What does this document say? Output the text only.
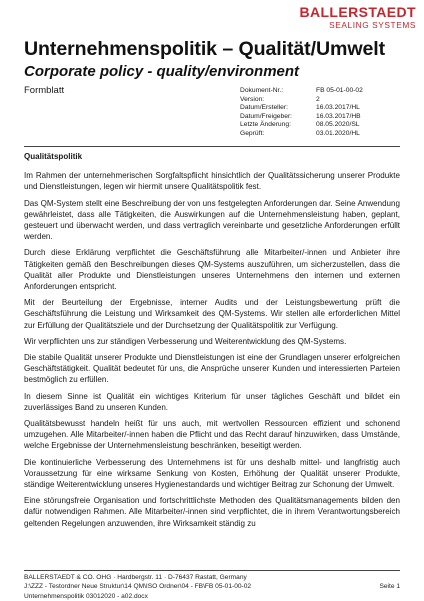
BALLERSTAEDT
SEALING SYSTEMS
Unternehmenspolitik – Qualität/Umwelt
Corporate policy - quality/environment
Formblatt	Dokument-Nr.:	FB 05-01-00-02
Version:	2
Datum/Ersteller:	16.03.2017/HL
Datum/Freigeber:	16.03.2017/HB
Letzte Änderung:	08.05.2020/SL
Geprüft:	03.01.2020/HL
Qualitätspolitik

Im Rahmen der unternehmerischen Sorgfaltspflicht hinsichtlich der Qualitätssicherung unserer Produkte und Dienstleistungen, legen wir hiermit unsere Qualitätspolitik fest.

Das QM-System stellt eine Beschreibung der von uns festgelegten Anforderungen dar. Seine Anwendung gewährleistet, dass alle Tätigkeiten, die Auswirkungen auf die Unternehmensleistung haben, geplant, gesteuert und überwacht werden, und dass vertraglich vereinbarte und gesetzliche Anforderungen erfüllt werden.

Durch diese Erklärung verpflichtet die Geschäftsführung alle Mitarbeiter/-innen und Anbieter ihre Tätigkeiten gemäß den Beschreibungen dieses QM-Systems auszuführen, um sicherzustellen, dass die Qualität aller Produkte und Dienstleistungen unseres Unternehmens den internen und externen Anforderungen entspricht.

Mit der Beurteilung der Ergebnisse, interner Audits und der Leistungsbewertung prüft die Geschäftsführung die Leistung und Wirksamkeit des QM-Systems. Wir stellen alle erforderlichen Mittel zur Erfüllung der Qualitätsziele und der Durchsetzung der Qualitätspolitik zur Verfügung.

Wir verpflichten uns zur ständigen Verbesserung und Weiterentwicklung des QM-Systems.

Die stabile Qualität unserer Produkte und Dienstleistungen ist eine der Grundlagen unserer erfolgreichen Geschäftstätigkeit. Qualität bedeutet für uns, die Ansprüche unserer Kunden und interessierten Parteien bestmöglich zu erfüllen.

In diesem Sinne ist Qualität ein wichtiges Kriterium für unser tägliches Geschäft und bildet ein zuverlässiges Band zu unseren Kunden.

Qualitätsbewusst handeln heißt für uns auch, mit wertvollen Ressourcen effizient und schonend umzugehen. Alle Mitarbeiter/-innen haben die Pflicht und das Recht darauf hinzuwirken, dass Umstände, welche Ergebnisse der Unternehmensleistung beschränken, beseitigt werden.

Die kontinuierliche Verbesserung des Unternehmens ist für uns deshalb mittel- und langfristig auch Voraussetzung für eine wirksame Senkung von Kosten, Erhöhung der Qualität unserer Produkte, ständige Weiterentwicklung unseres Hygienestandards und wichtiger Beitrag zur Schonung der Umwelt.

Eine störungsfreie Organisation und fortschrittlichste Methoden des Qualitätsmanagements bilden den dafür notwendigen Rahmen. Alle Mitarbeiter/-innen sind verpflichtet, die in ihrem Verantwortungsbereich geltenden Regelungen anzuwenden, ihre Wirksamkeit ständig zu

BALLERSTAEDT & CO. OHG · Hardbergstr. 11 · D-76437 Rastatt, Germany
J:\ZZZ - Testordner Neue Struktur\14 QM\ISO Ordner\04 - FB\FB 05-01-00-02	Seite 1
Unternehmenspolitik 03012020 - a02.docx
